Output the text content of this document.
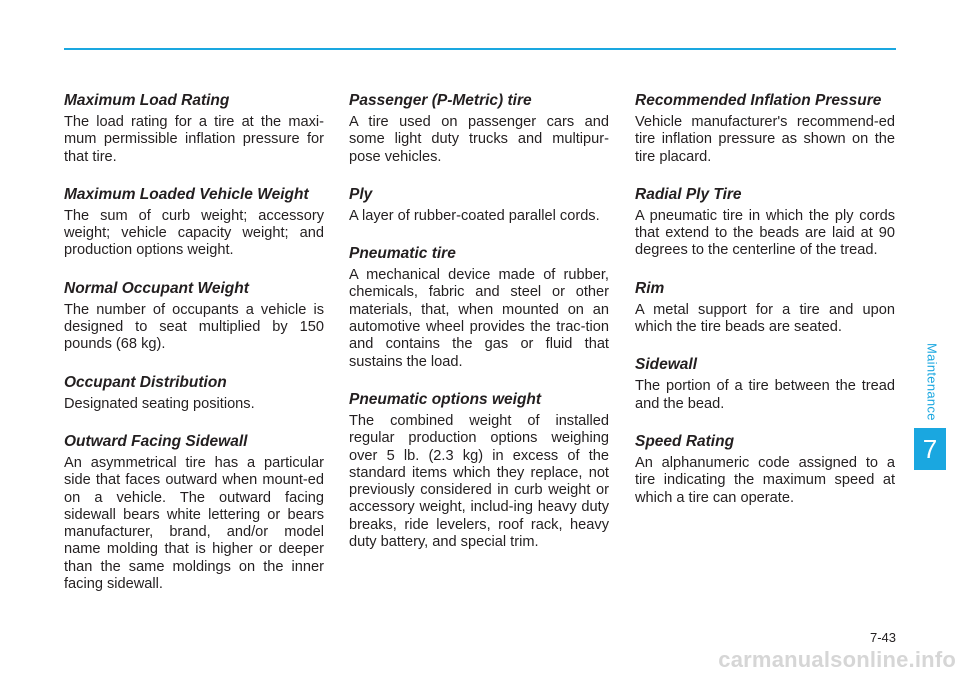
Maximum Load Rating

The load rating for a tire at the maxi-mum permissible inflation pressure for that tire.

Maximum Loaded Vehicle Weight

The sum of curb weight; accessory weight; vehicle capacity weight; and production options weight.

Normal Occupant Weight

The number of occupants a vehicle is designed to seat multiplied by 150 pounds (68 kg).

Occupant Distribution

Designated seating positions.

Outward Facing Sidewall

An asymmetrical tire has a particular side that faces outward when mount-ed on a vehicle. The outward facing sidewall bears white lettering or bears manufacturer, brand, and/or model name molding that is higher or deeper than the same moldings on the inner facing sidewall.

Passenger (P-Metric) tire

A tire used on passenger cars and some light duty trucks and multipur-pose vehicles.

Ply

A layer of rubber-coated parallel cords.

Pneumatic tire

A mechanical device made of rubber, chemicals, fabric and steel or other materials, that, when mounted on an automotive wheel provides the trac-tion and contains the gas or fluid that sustains the load.

Pneumatic options weight

The combined weight of installed regular production options weighing over 5 lb. (2.3 kg) in excess of the standard items which they replace, not previously considered in curb weight or accessory weight, includ-ing heavy duty breaks, ride levelers, roof rack, heavy duty battery, and special trim.

Recommended Inflation Pressure

Vehicle manufacturer's recommend-ed tire inflation pressure as shown on the tire placard.

Radial Ply Tire

A pneumatic tire in which the ply cords that extend to the beads are laid at 90 degrees to the centerline of the tread.

Rim

A metal support for a tire and upon which the tire beads are seated.

Sidewall

The portion of a tire between the tread and the bead.

Speed Rating

An alphanumeric code assigned to a tire indicating the maximum speed at which a tire can operate.

Maintenance
7
7-43
carmanualsonline.info
